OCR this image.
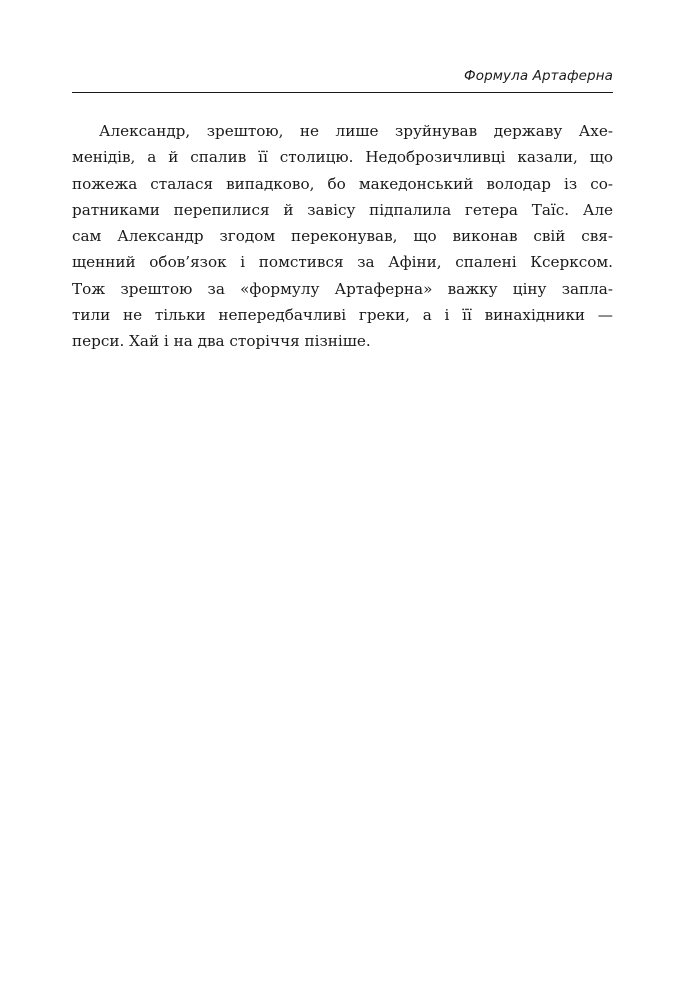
Формула Артаферна
Александр, зрештою, не лише зруйнував державу Ахе-
менідів, а й спалив її столицю. Недоброзичливці казали, що
пожежа сталася випадково, бо македонський володар із со-
ратниками перепилися й завісу підпалила гетера Таїс. Але
сам Александр згодом переконував, що виконав свій свя-
щенний обов’язок і помстився за Афіни, спалені Ксерксом.
Тож зрештою за «формулу Артаферна» важку ціну запла-
тили не тільки непередбачливі греки, а і її винахідники —
перси. Хай і на два сторіччя пізніше.
